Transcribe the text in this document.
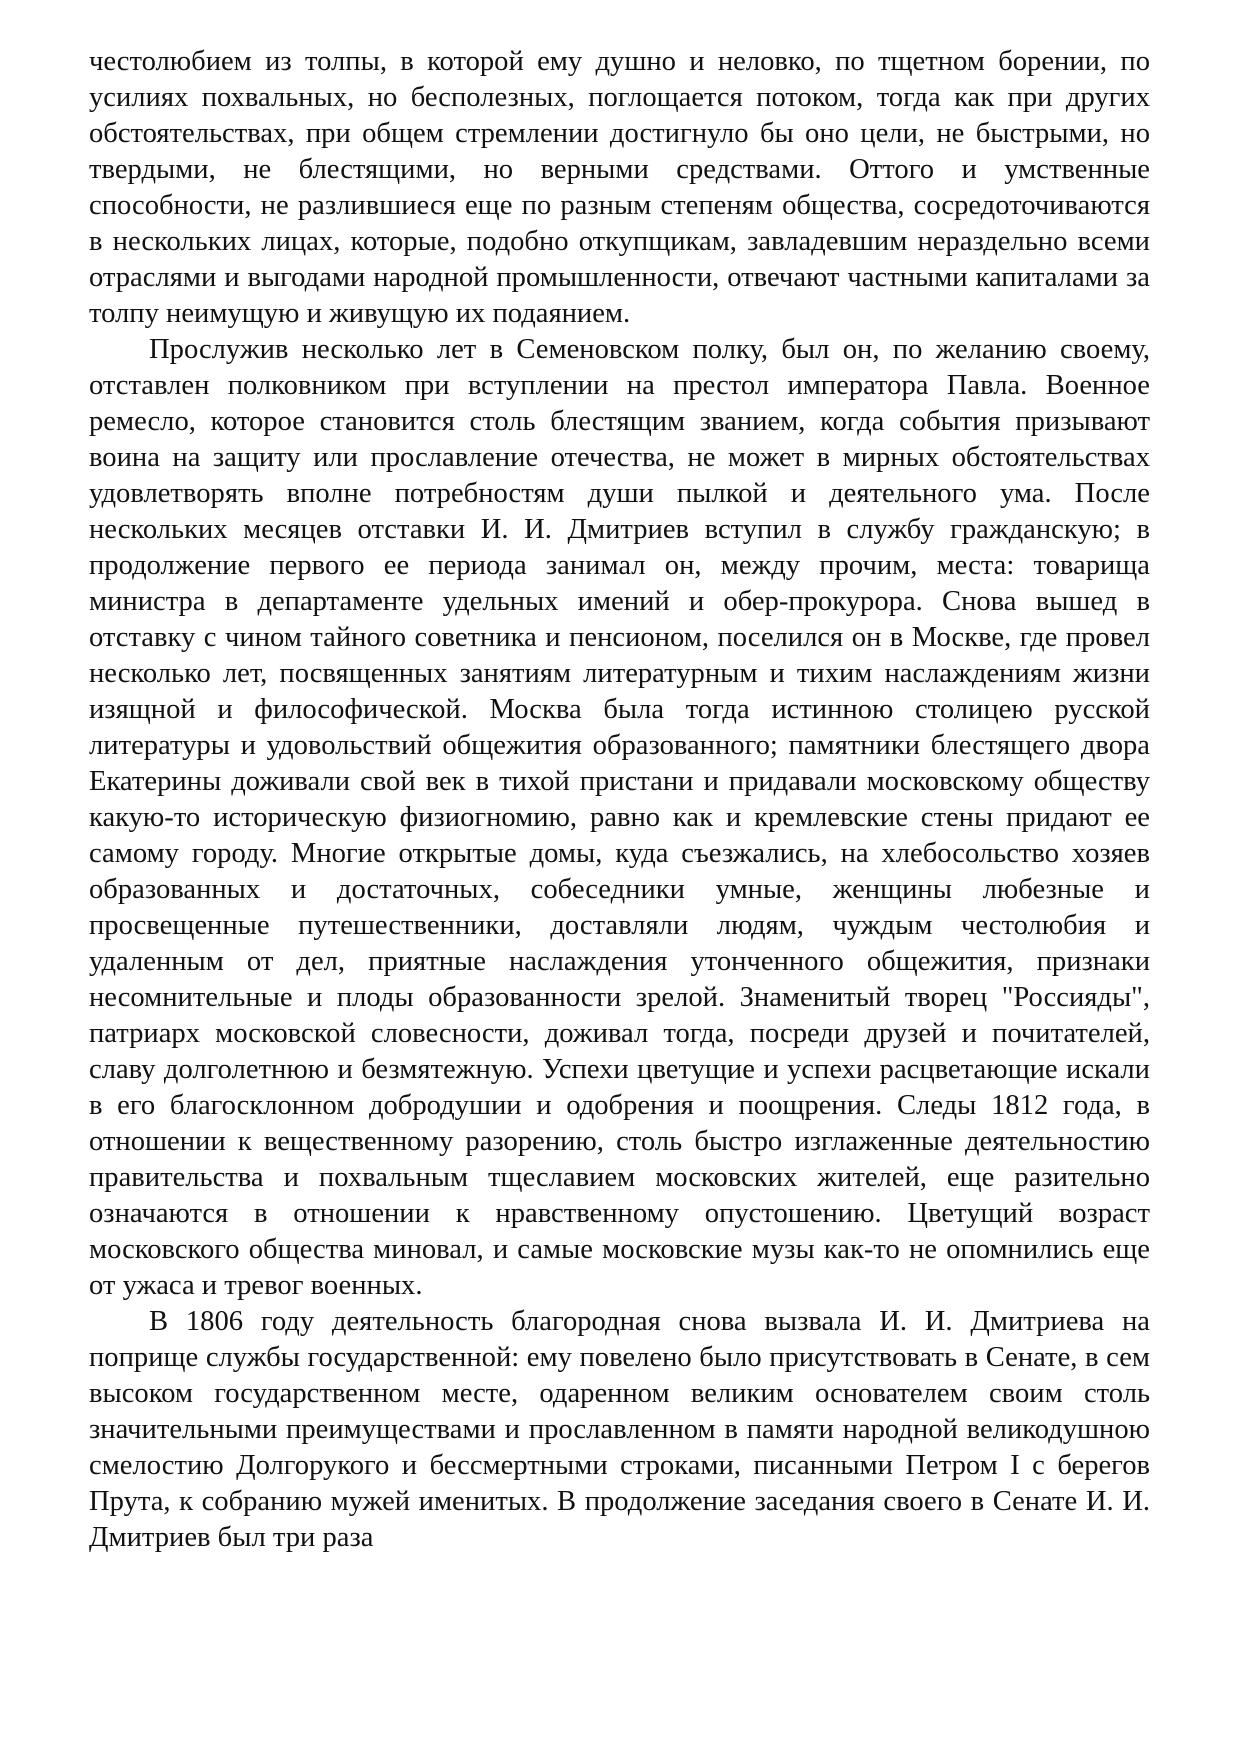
честолюбием из толпы, в которой ему душно и неловко, по тщетном борении, по усилиях похвальных, но бесполезных, поглощается потоком, тогда как при других обстоятельствах, при общем стремлении достигнуло бы оно цели, не быстрыми, но твердыми, не блестящими, но верными средствами. Оттого и умственные способности, не разлившиеся еще по разным степеням общества, сосредоточиваются в нескольких лицах, которые, подобно откупщикам, завладевшим нераздельно всеми отраслями и выгодами народной промышленности, отвечают частными капиталами за толпу неимущую и живущую их подаянием.

Прослужив несколько лет в Семеновском полку, был он, по желанию своему, отставлен полковником при вступлении на престол императора Павла. Военное ремесло, которое становится столь блестящим званием, когда события призывают воина на защиту или прославление отечества, не может в мирных обстоятельствах удовлетворять вполне потребностям души пылкой и деятельного ума. После нескольких месяцев отставки И. И. Дмитриев вступил в службу гражданскую; в продолжение первого ее периода занимал он, между прочим, места: товарища министра в департаменте удельных имений и обер-прокурора. Снова вышед в отставку с чином тайного советника и пенсионом, поселился он в Москве, где провел несколько лет, посвященных занятиям литературным и тихим наслаждениям жизни изящной и философической. Москва была тогда истинною столицею русской литературы и удовольствий общежития образованного; памятники блестящего двора Екатерины доживали свой век в тихой пристани и придавали московскому обществу какую-то историческую физиогномию, равно как и кремлевские стены придают ее самому городу. Многие открытые домы, куда съезжались, на хлебосольство хозяев образованных и достаточных, собеседники умные, женщины любезные и просвещенные путешественники, доставляли людям, чуждым честолюбия и удаленным от дел, приятные наслаждения утонченного общежития, признаки несомнительные и плоды образованности зрелой. Знаменитый творец "Россияды", патриарх московской словесности, доживал тогда, посреди друзей и почитателей, славу долголетнюю и безмятежную. Успехи цветущие и успехи расцветающие искали в его благосклонном добродушии и одобрения и поощрения. Следы 1812 года, в отношении к вещественному разорению, столь быстро изглаженные деятельностию правительства и похвальным тщеславием московских жителей, еще разительно означаются в отношении к нравственному опустошению. Цветущий возраст московского общества миновал, и самые московские музы как-то не опомнились еще от ужаса и тревог военных.

В 1806 году деятельность благородная снова вызвала И. И. Дмитриева на поприще службы государственной: ему повелено было присутствовать в Сенате, в сем высоком государственном месте, одаренном великим основателем своим столь значительными преимуществами и прославленном в памяти народной великодушною смелостию Долгорукого и бессмертными строками, писанными Петром I с берегов Прута, к собранию мужей именитых. В продолжение заседания своего в Сенате И. И. Дмитриев был три раза
